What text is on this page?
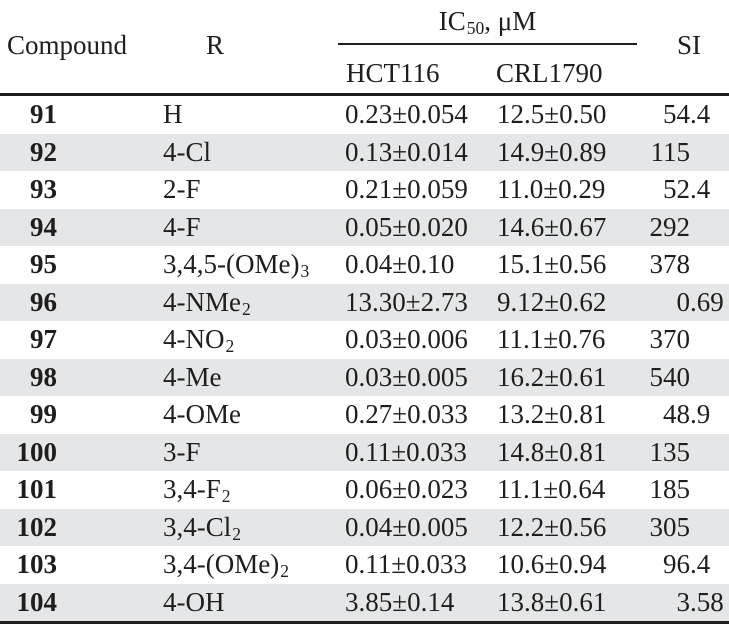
Compound	R
$IC_{50}$, μM
HCT116 CRL1790
SI
91	H	0.23±0.054 12.5±0.50	54.4
92	4-Cl	0.13±0.014 14.9±0.89	115
93	2-F	0.21±0.059 11.0±0.29	52.4
94	4-F	0.05±0.020 14.6±0.67	292
95	$3,4,5-(OMe)_3$ 0.04±0.10 15.1±0.56	378
96	4-NMe$_2$	13.30±2.73 9.12±0.62	0.69
97	$4-NO_2$	0.03±0.006 11.1±0.76	370
98	4-Me	0.03±0.005 16.2±0.61	540
99	4-OMe	0.27±0.033 13.2±0.81	48.9
100	3-F	0.11±0.033 14.8±0.81	135
101	$3,4-F_2$	0.06±0.023 11.1±0.64	185
102	$3,4-Cl_2$	0.04±0.005 12.2±0.56	305
103	$3,4-(OMe)_2$ 0.11±0.033 10.6±0.94	96.4
104	4-OH	3.85±0.14 13.8±0.61	3.58
